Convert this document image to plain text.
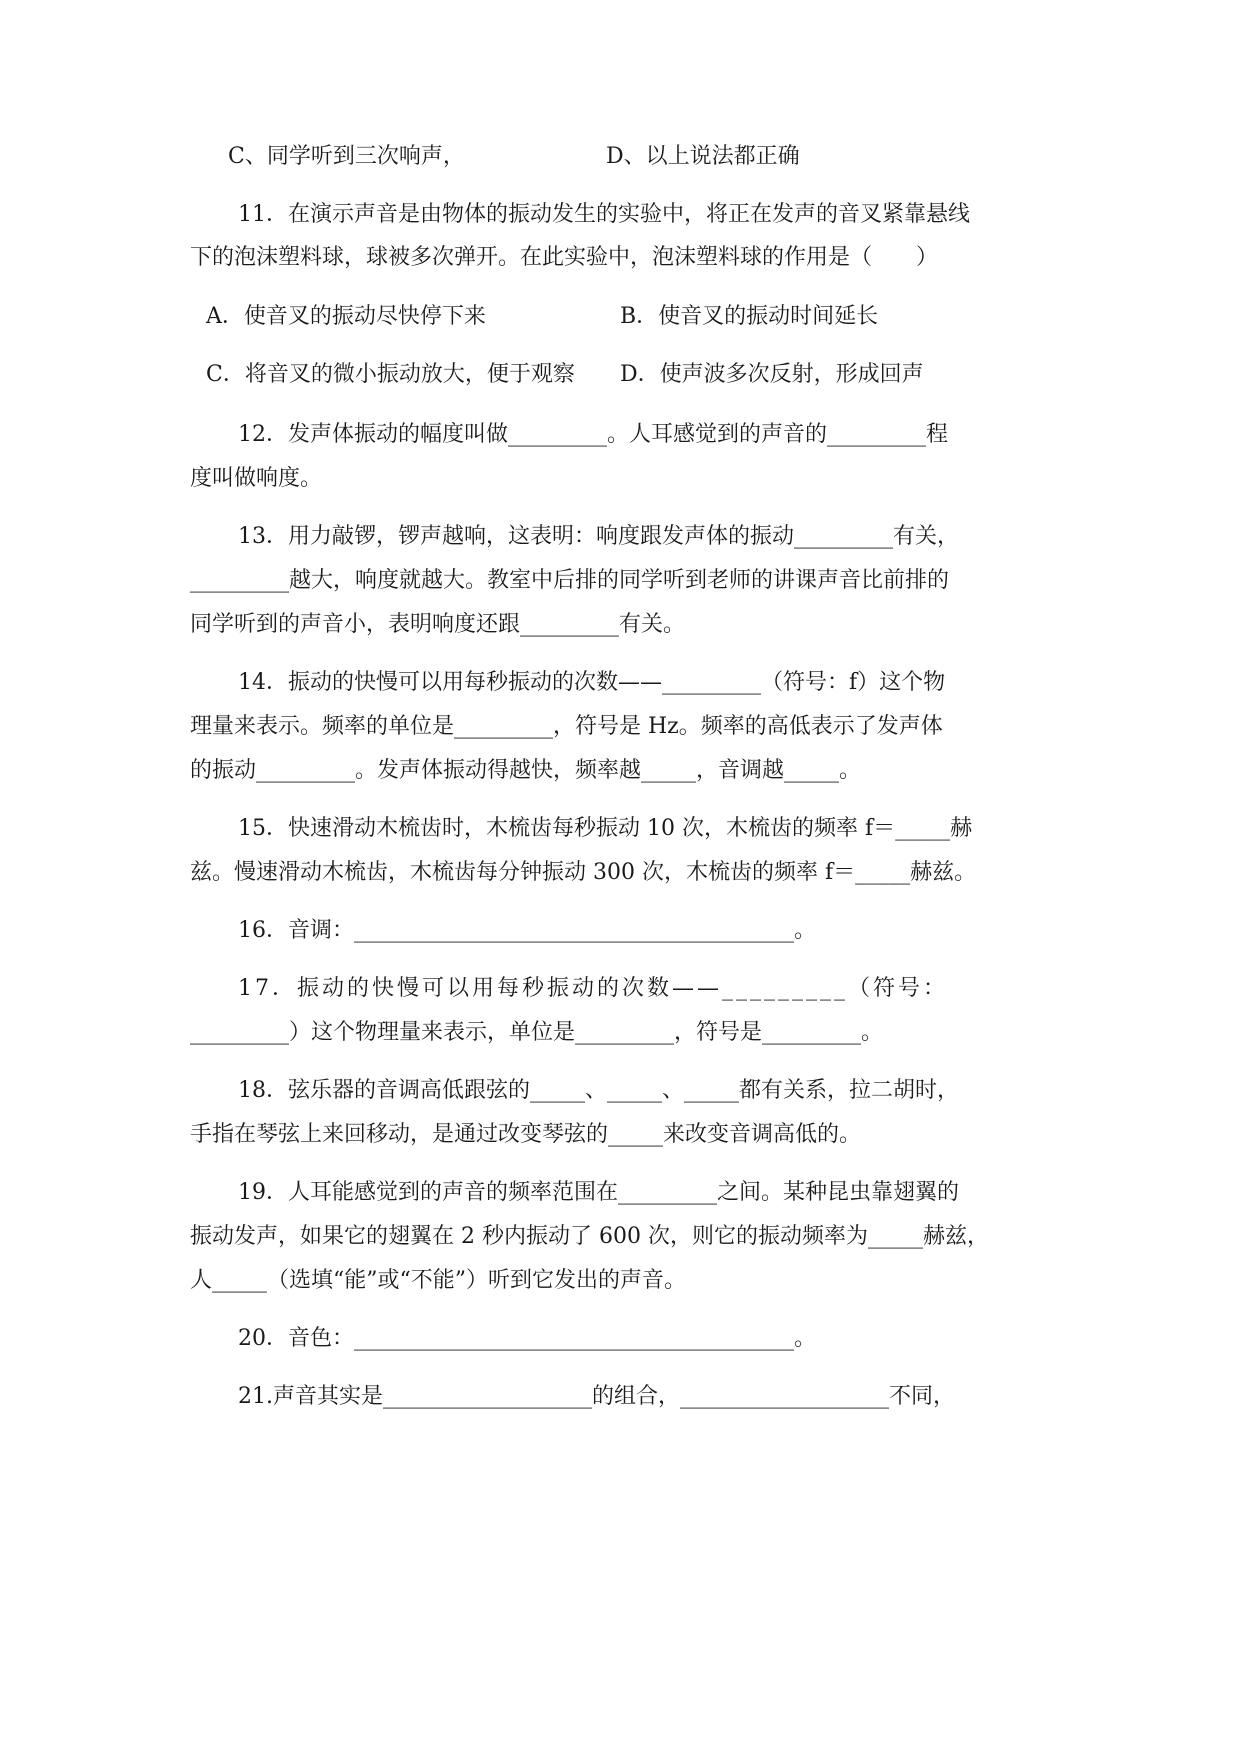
C、同学听到三次响声，	D、以上说法都正确
11．在演示声音是由物体的振动发生的实验中，将正在发声的音叉紧靠悬线
下的泡沫塑料球，球被多次弹开。在此实验中，泡沫塑料球的作用是（　　）
A．使音叉的振动尽快停下来	B．使音叉的振动时间延长
C．将音叉的微小振动放大，便于观察 D．使声波多次反射，形成回声
12．发声体振动的幅度叫做_________。人耳感觉到的声音的_________程
度叫做响度。
13．用力敲锣，锣声越响，这表明：响度跟发声体的振动_________有关，
_________越大，响度就越大。教室中后排的同学听到老师的讲课声音比前排的
同学听到的声音小，表明响度还跟_________有关。
14．振动的快慢可以用每秒振动的次数——_________（符号：f）这个物
理量来表示。频率的单位是_________，符号是 Hz。频率的高低表示了发声体
的振动_________。发声体振动得越快，频率越_____，音调越_____。
15．快速滑动木梳齿时，木梳齿每秒振动 10 次，木梳齿的频率 f＝_____赫
兹。慢速滑动木梳齿，木梳齿每分钟振动 300 次，木梳齿的频率 f＝_____赫兹。
16．音调：________________________________________。
17．振动的快慢可以用每秒振动的次数——_________（符号：
_________）这个物理量来表示，单位是_________，符号是_________。
18．弦乐器的音调高低跟弦的_____、_____、_____都有关系，拉二胡时，
手指在琴弦上来回移动，是通过改变琴弦的_____来改变音调高低的。
19．人耳能感觉到的声音的频率范围在_________之间。某种昆虫靠翅翼的
振动发声，如果它的翅翼在 2 秒内振动了 600 次，则它的振动频率为_____赫兹，
人_____（选填“能”或“不能”）听到它发出的声音。
20．音色：________________________________________。
21.声音其实是___________________的组合，___________________不同，
